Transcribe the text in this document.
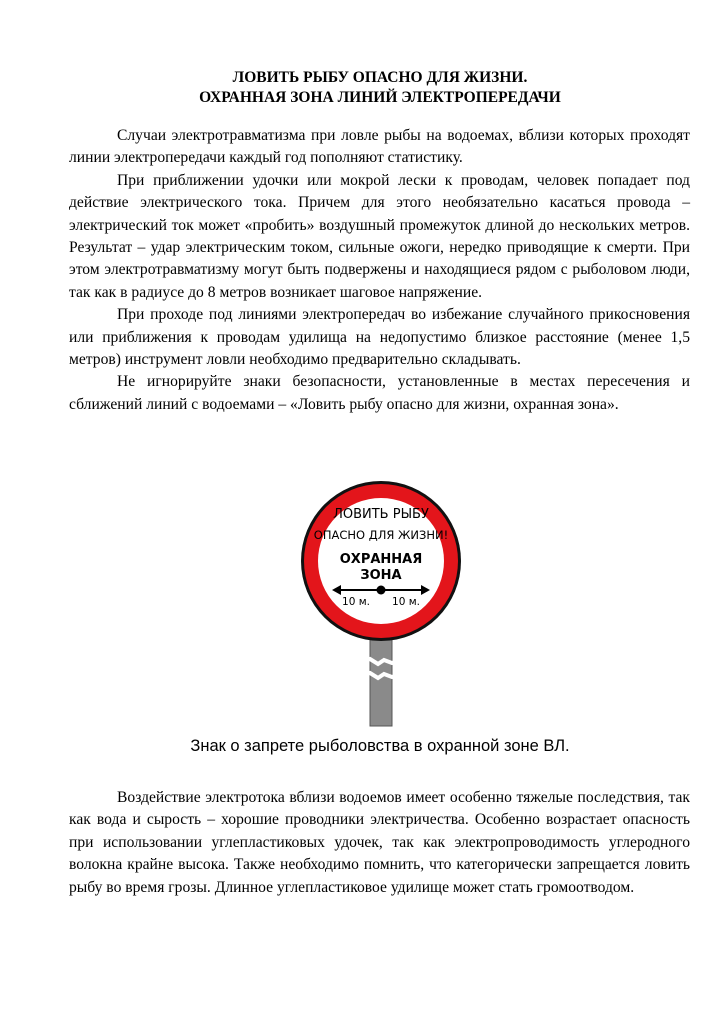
ЛОВИТЬ РЫБУ ОПАСНО ДЛЯ ЖИЗНИ.
ОХРАННАЯ ЗОНА ЛИНИЙ ЭЛЕКТРОПЕРЕДАЧИ

Случаи электротравматизма при ловле рыбы на водоемах, вблизи которых проходят линии электропередачи каждый год пополняют статистику.

При приближении удочки или мокрой лески к проводам, человек попадает под действие электрического тока. Причем для этого необязательно касаться провода – электрический ток может «пробить» воздушный промежуток длиной до нескольких метров. Результат – удар электрическим током, сильные ожоги, нередко приводящие к смерти. При этом электротравматизму могут быть подвержены и находящиеся рядом с рыболовом люди, так как в радиусе до 8 метров возникает шаговое напряжение.

При проходе под линиями электропередач во избежание случайного прикосновения или приближения к проводам удилища на недопустимо близкое расстояние (менее 1,5 метров) инструмент ловли необходимо предварительно складывать.

Не игнорируйте знаки безопасности, установленные в местах пересечения и сближений линий с водоемами – «Ловить рыбу опасно для жизни, охранная зона».

ЛОВИТЬ РЫБУ
ОПАСНО ДЛЯ ЖИЗНИ!
ОХРАННАЯ
ЗОНА
10 м. 10 м.
Знак о запрете рыболовства в охранной зоне ВЛ.

Воздействие электротока вблизи водоемов имеет особенно тяжелые последствия, так как вода и сырость – хорошие проводники электричества. Особенно возрастает опасность при использовании углепластиковых удочек, так как электропроводимость углеродного волокна крайне высока. Также необходимо помнить, что категорически запрещается ловить рыбу во время грозы. Длинное углепластиковое удилище может стать громоотводом.
